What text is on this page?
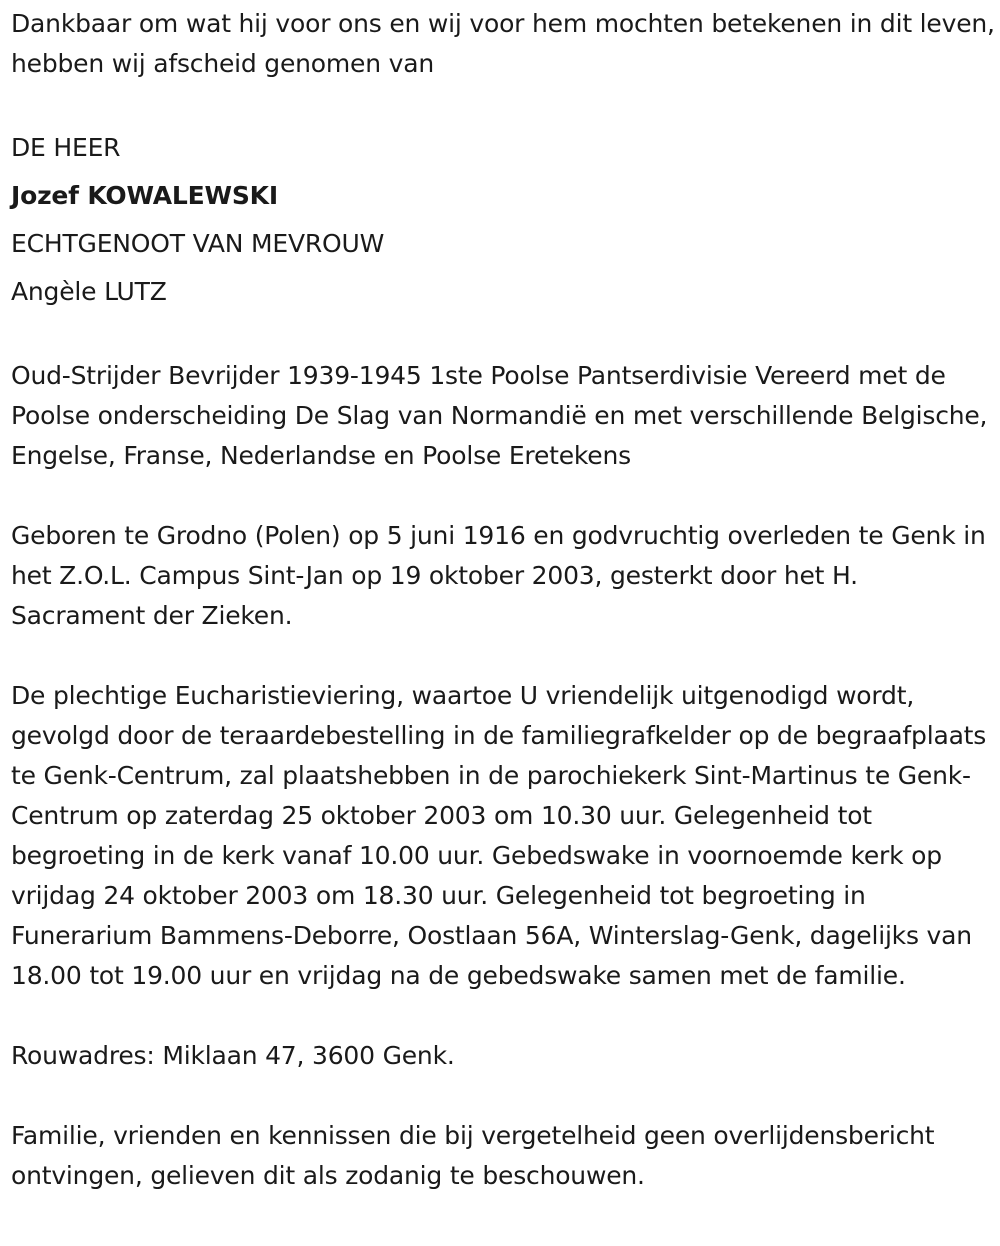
Dankbaar om wat hij voor ons en wij voor hem mochten betekenen in dit leven, hebben wij afscheid genomen van

DE HEER

Jozef KOWALEWSKI

ECHTGENOOT VAN MEVROUW

Angèle LUTZ

Oud-Strijder Bevrijder 1939-1945 1ste Poolse Pantserdivisie Vereerd met de Poolse onderscheiding De Slag van Normandië en met verschillende Belgische, Engelse, Franse, Nederlandse en Poolse Eretekens

Geboren te Grodno (Polen) op 5 juni 1916 en godvruchtig overleden te Genk in het Z.O.L. Campus Sint-Jan op 19 oktober 2003, gesterkt door het H. Sacrament der Zieken.

De plechtige Eucharistieviering, waartoe U vriendelijk uitgenodigd wordt, gevolgd door de teraardebestelling in de familiegrafkelder op de begraafplaats te Genk-Centrum, zal plaatshebben in de parochiekerk Sint-Martinus te Genk-Centrum op zaterdag 25 oktober 2003 om 10.30 uur. Gelegenheid tot begroeting in de kerk vanaf 10.00 uur. Gebedswake in voornoemde kerk op vrijdag 24 oktober 2003 om 18.30 uur. Gelegenheid tot begroeting in Funerarium Bammens-Deborre, Oostlaan 56A, Winterslag-Genk, dagelijks van 18.00 tot 19.00 uur en vrijdag na de gebedswake samen met de familie.

Rouwadres: Miklaan 47, 3600 Genk.

Familie, vrienden en kennissen die bij vergetelheid geen overlijdensbericht ontvingen, gelieven dit als zodanig te beschouwen.
